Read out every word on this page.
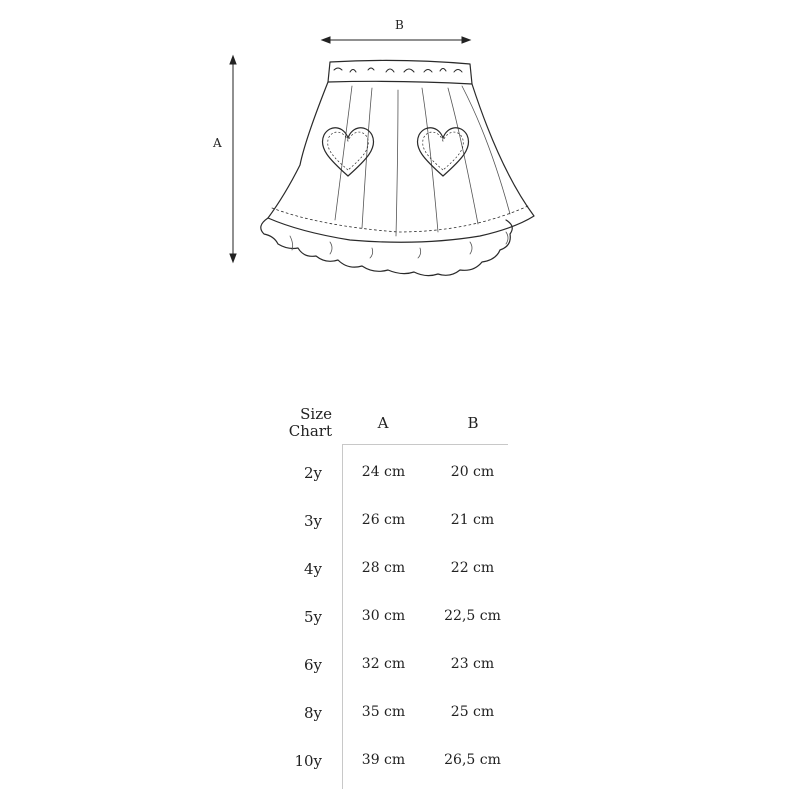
B
A
Size
Chart	A	B
2y	24 cm	20 cm
3y	26 cm	21 cm
4y	28 cm	22 cm
5y	30 cm	22,5 cm
6y	32 cm	23 cm
8y	35 cm	25 cm
10y	39 cm	26,5 cm
